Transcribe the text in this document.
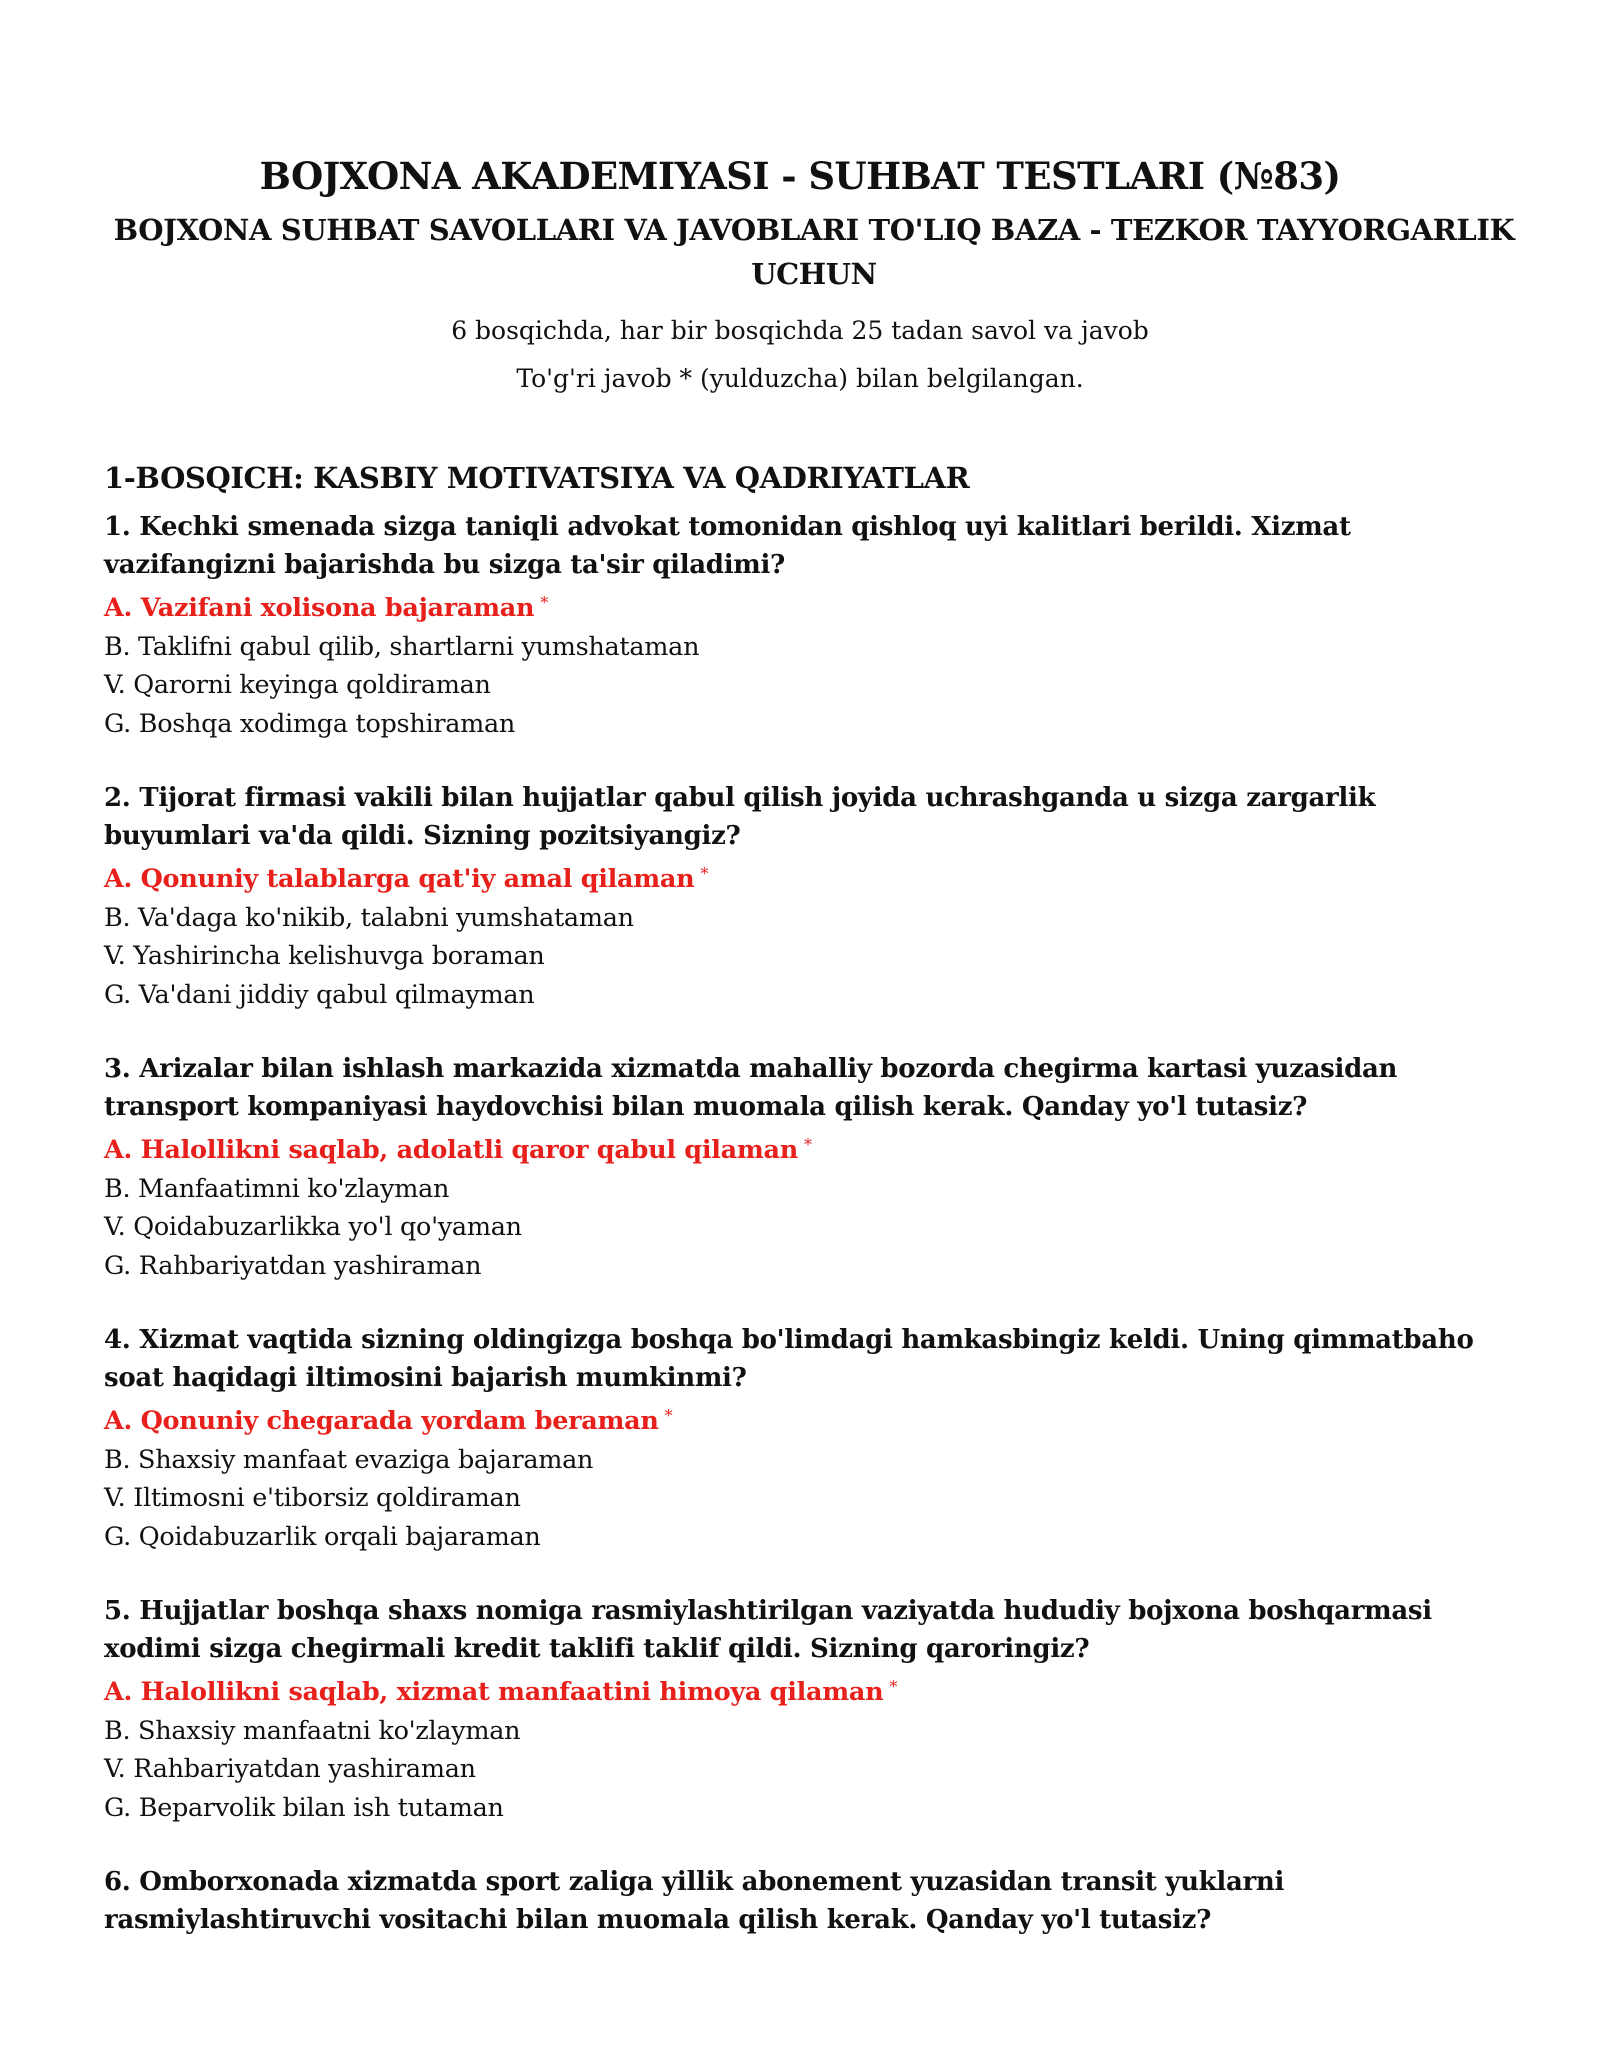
BOJXONA AKADEMIYASI - SUHBAT TESTLARI (№83)
BOJXONA SUHBAT SAVOLLARI VA JAVOBLARI TO'LIQ BAZA - TEZKOR TAYYORGARLIK UCHUN

6 bosqichda, har bir bosqichda 25 tadan savol va javob

To'g'ri javob * (yulduzcha) bilan belgilangan.

1-BOSQICH: KASBIY MOTIVATSIYA VA QADRIYATLAR

1. Kechki smenada sizga taniqli advokat tomonidan qishloq uyi kalitlari berildi. Xizmat vazifangizni bajarishda bu sizga ta'sir qiladimi?

A. Vazifani xolisona bajaraman *

B. Taklifni qabul qilib, shartlarni yumshataman

V. Qarorni keyinga qoldiraman

G. Boshqa xodimga topshiraman

2. Tijorat firmasi vakili bilan hujjatlar qabul qilish joyida uchrashganda u sizga zargarlik buyumlari va'da qildi. Sizning pozitsiyangiz?

A. Qonuniy talablarga qat'iy amal qilaman *

B. Va'daga ko'nikib, talabni yumshataman

V. Yashirincha kelishuvga boraman

G. Va'dani jiddiy qabul qilmayman

3. Arizalar bilan ishlash markazida xizmatda mahalliy bozorda chegirma kartasi yuzasidan transport kompaniyasi haydovchisi bilan muomala qilish kerak. Qanday yo'l tutasiz?

A. Halollikni saqlab, adolatli qaror qabul qilaman *

B. Manfaatimni ko'zlayman

V. Qoidabuzarlikka yo'l qo'yaman

G. Rahbariyatdan yashiraman

4. Xizmat vaqtida sizning oldingizga boshqa bo'limdagi hamkasbingiz keldi. Uning qimmatbaho soat haqidagi iltimosini bajarish mumkinmi?

A. Qonuniy chegarada yordam beraman *

B. Shaxsiy manfaat evaziga bajaraman

V. Iltimosni e'tiborsiz qoldiraman

G. Qoidabuzarlik orqali bajaraman

5. Hujjatlar boshqa shaxs nomiga rasmiylashtirilgan vaziyatda hududiy bojxona boshqarmasi xodimi sizga chegirmali kredit taklifi taklif qildi. Sizning qaroringiz?

A. Halollikni saqlab, xizmat manfaatini himoya qilaman *

B. Shaxsiy manfaatni ko'zlayman

V. Rahbariyatdan yashiraman

G. Beparvolik bilan ish tutaman

6. Omborxonada xizmatda sport zaliga yillik abonement yuzasidan transit yuklarni rasmiylashtiruvchi vositachi bilan muomala qilish kerak. Qanday yo'l tutasiz?
